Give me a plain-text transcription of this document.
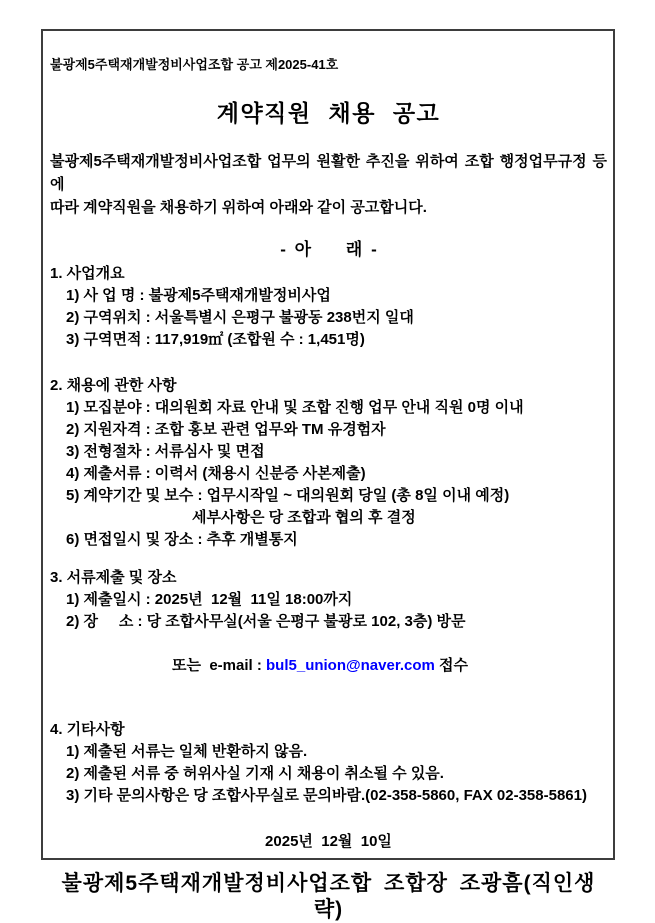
불광제5주택재개발정비사업조합 공고 제2025-41호
계약직원 채용 공고
불광제5주택재개발정비사업조합 업무의 원활한 추진을 위하여 조합 행정업무규정 등에
따라 계약직원을 채용하기 위하여 아래와 같이 공고합니다.
- 아    래 -
1. 사업개요
1) 사 업 명 : 불광제5주택재개발정비사업
2) 구역위치 : 서울특별시 은평구 불광동 238번지 일대
3) 구역면적 : 117,919㎡ (조합원 수 : 1,451명)
2. 채용에 관한 사항
1) 모집분야 : 대의원회 자료 안내 및 조합 진행 업무 안내 직원 0명 이내
2) 지원자격 : 조합 홍보 관련 업무와 TM 유경험자
3) 전형절차 : 서류심사 및 면접
4) 제출서류 : 이력서 (채용시 신분증 사본제출)
5) 계약기간 및 보수 : 업무시작일 ~ 대의원회 당일 (총 8일 이내 예정)
세부사항은 당 조합과 협의 후 결정
6) 면접일시 및 장소 : 추후 개별통지
3. 서류제출 및 장소
1) 제출일시 : 2025년  12월  11일 18:00까지
2) 장     소 : 당 조합사무실(서울 은평구 불광로 102, 3층) 방문

또는  e-mail : bul5_union@naver.com 접수

4. 기타사항
1) 제출된 서류는 일체 반환하지 않음.
2) 제출된 서류 중 허위사실 기재 시 채용이 취소될 수 있음.
3) 기타 문의사항은 당 조합사무실로 문의바람.(02-358-5860, FAX 02-358-5861)
2025년  12월  10일
불광제5주택재개발정비사업조합 조합장 조광흠(직인생략)
